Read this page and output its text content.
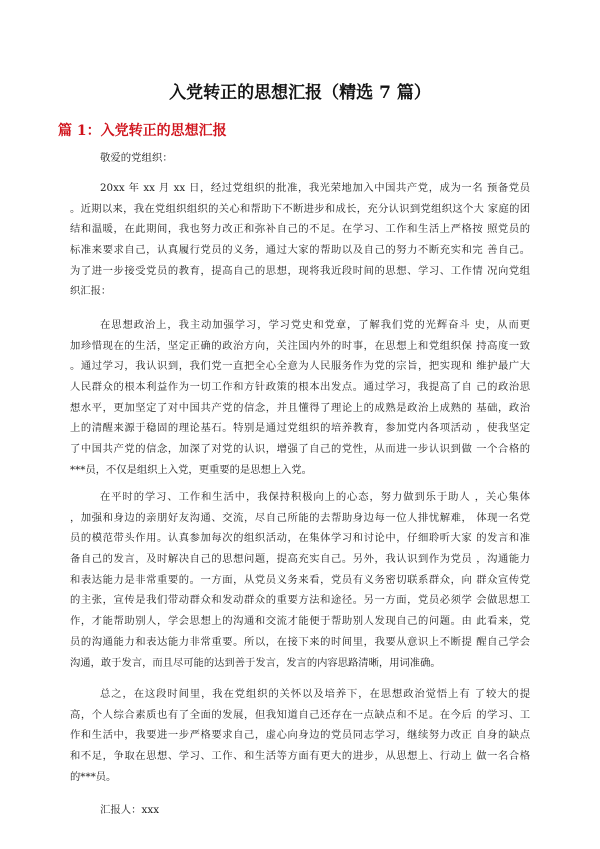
入党转正的思想汇报（精选 7 篇）
篇 1：入党转正的思想汇报
敬爱的党组织：
20xx 年 xx 月 xx 日，经过党组织的批准，我光荣地加入中国共产党，成为一名 预备党员
。近期以来，我在党组织组织的关心和帮助下不断进步和成长，充分认识到党组织这个大 家庭的团
结和温暖，在此期间，我也努力改正和弥补自己的不足。在学习、工作和生活上严格按 照党员的
标准来要求自己，认真履行党员的义务，通过大家的帮助以及自己的努力不断充实和完 善自己。
为了进一步接受党员的教育，提高自己的思想，现将我近段时间的思想、学习、工作情 况向党组
织汇报：
在思想政治上，我主动加强学习，学习党史和党章，了解我们党的光辉奋斗 史，从而更
加珍惜现在的生活，坚定正确的政治方向，关注国内外的时事，在思想上和党组织保 持高度一致
。通过学习，我认识到，我们党一直把全心全意为人民服务作为党的宗旨，把实现和 维护最广大
人民群众的根本利益作为一切工作和方针政策的根本出发点。通过学习，我提高了自 己的政治思
想水平，更加坚定了对中国共产党的信念，并且懂得了理论上的成熟是政治上成熟的 基础，政治
上的清醒来源于稳固的理论基石。特别是通过党组织的培养教育，参加党内各项活动 ，使我坚定
了中国共产党的信念，加深了对党的认识，增强了自己的党性，从而进一步认识到做 一个合格的
***员，不仅是组织上入党，更重要的是思想上入党。
在平时的学习、工作和生活中，我保持积极向上的心态，努力做到乐于助人 ，关心集体
，加强和身边的亲朋好友沟通、交流，尽自己所能的去帮助身边每一位人排忧解难， 体现一名党
员的模范带头作用。认真参加每次的组织活动，在集体学习和讨论中，仔细聆听大家 的发言和准
备自己的发言，及时解决自己的思想问题，提高充实自己。另外，我认识到作为党员 ，沟通能力
和表达能力是非常重要的。一方面，从党员义务来看，党员有义务密切联系群众，向 群众宣传党
的主张，宣传是我们带动群众和发动群众的重要方法和途径。另一方面，党员必须学 会做思想工
作，才能帮助别人，学会思想上的沟通和交流才能便于帮助别人发现自己的问题。由 此看来，党
员的沟通能力和表达能力非常重要。所以，在接下来的时间里，我要从意识上不断提 醒自己学会
沟通，敢于发言，而且尽可能的达到善于发言，发言的内容思路清晰，用词准确。
总之，在这段时间里，我在党组织的关怀以及培养下，在思想政治觉悟上有 了较大的提
高，个人综合素质也有了全面的发展，但我知道自己还存在一点缺点和不足。在今后 的学习、工
作和生活中，我要进一步严格要求自己，虚心向身边的党员同志学习，继续努力改正 自身的缺点
和不足，争取在思想、学习、工作、和生活等方面有更大的进步，从思想上、行动上 做一名合格
的***员。
汇报人：xxx
